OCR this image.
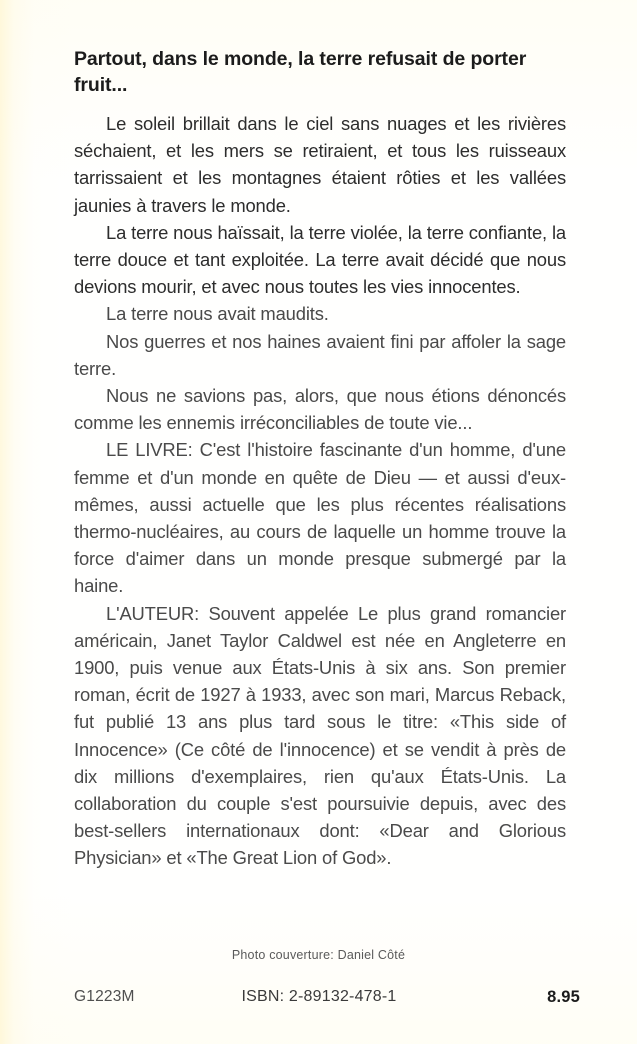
Partout, dans le monde, la terre refusait de porter fruit...

Le soleil brillait dans le ciel sans nuages et les rivières séchaient, et les mers se retiraient, et tous les ruisseaux tarrissaient et les montagnes étaient rôties et les vallées jaunies à travers le monde.

La terre nous haïssait, la terre violée, la terre confiante, la terre douce et tant exploitée. La terre avait décidé que nous devions mourir, et avec nous toutes les vies innocentes.

La terre nous avait maudits.

Nos guerres et nos haines avaient fini par affoler la sage terre.

Nous ne savions pas, alors, que nous étions dénoncés comme les ennemis irréconciliables de toute vie...

LE LIVRE: C'est l'histoire fascinante d'un homme, d'une femme et d'un monde en quête de Dieu — et aussi d'eux-mêmes, aussi actuelle que les plus récentes réalisations thermo-nucléaires, au cours de laquelle un homme trouve la force d'aimer dans un monde presque submergé par la haine.

L'AUTEUR: Souvent appelée Le plus grand romancier américain, Janet Taylor Caldwel est née en Angleterre en 1900, puis venue aux États-Unis à six ans. Son premier roman, écrit de 1927 à 1933, avec son mari, Marcus Reback, fut publié 13 ans plus tard sous le titre: «This side of Innocence» (Ce côté de l'innocence) et se vendit à près de dix millions d'exemplaires, rien qu'aux États-Unis. La collaboration du couple s'est poursuivie depuis, avec des best-sellers internationaux dont: «Dear and Glorious Physician» et «The Great Lion of God».

Photo couverture: Daniel Côté
G1223M	ISBN: 2-89132-478-1	8.95
